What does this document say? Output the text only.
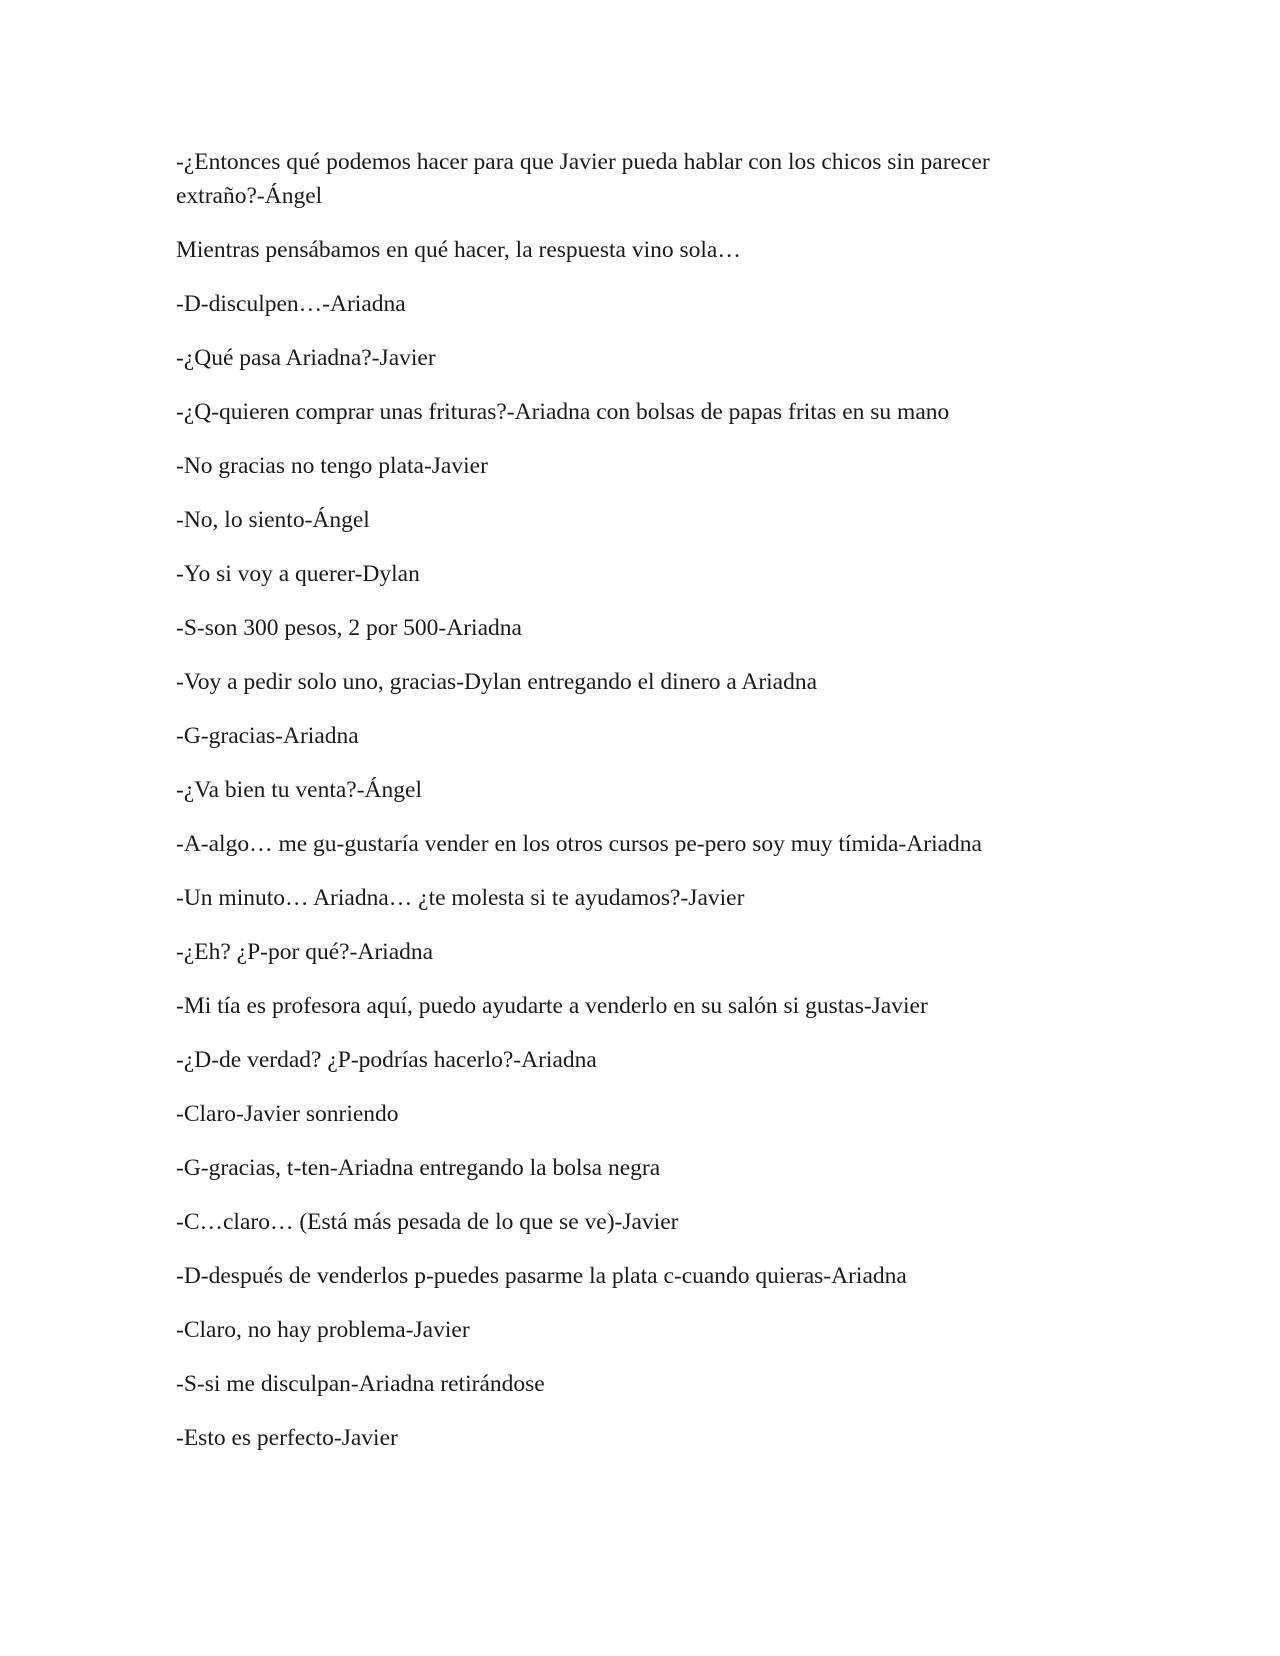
-¿Entonces qué podemos hacer para que Javier pueda hablar con los chicos sin parecer
extraño?-Ángel

Mientras pensábamos en qué hacer, la respuesta vino sola…

-D-disculpen…-Ariadna

-¿Qué pasa Ariadna?-Javier

-¿Q-quieren comprar unas frituras?-Ariadna con bolsas de papas fritas en su mano

-No gracias no tengo plata-Javier

-No, lo siento-Ángel

-Yo si voy a querer-Dylan

-S-son 300 pesos, 2 por 500-Ariadna

-Voy a pedir solo uno, gracias-Dylan entregando el dinero a Ariadna

-G-gracias-Ariadna

-¿Va bien tu venta?-Ángel

-A-algo… me gu-gustaría vender en los otros cursos pe-pero soy muy tímida-Ariadna

-Un minuto… Ariadna… ¿te molesta si te ayudamos?-Javier

-¿Eh? ¿P-por qué?-Ariadna

-Mi tía es profesora aquí, puedo ayudarte a venderlo en su salón si gustas-Javier

-¿D-de verdad? ¿P-podrías hacerlo?-Ariadna

-Claro-Javier sonriendo

-G-gracias, t-ten-Ariadna entregando la bolsa negra

-C…claro… (Está más pesada de lo que se ve)-Javier

-D-después de venderlos p-puedes pasarme la plata c-cuando quieras-Ariadna

-Claro, no hay problema-Javier

-S-si me disculpan-Ariadna retirándose

-Esto es perfecto-Javier
